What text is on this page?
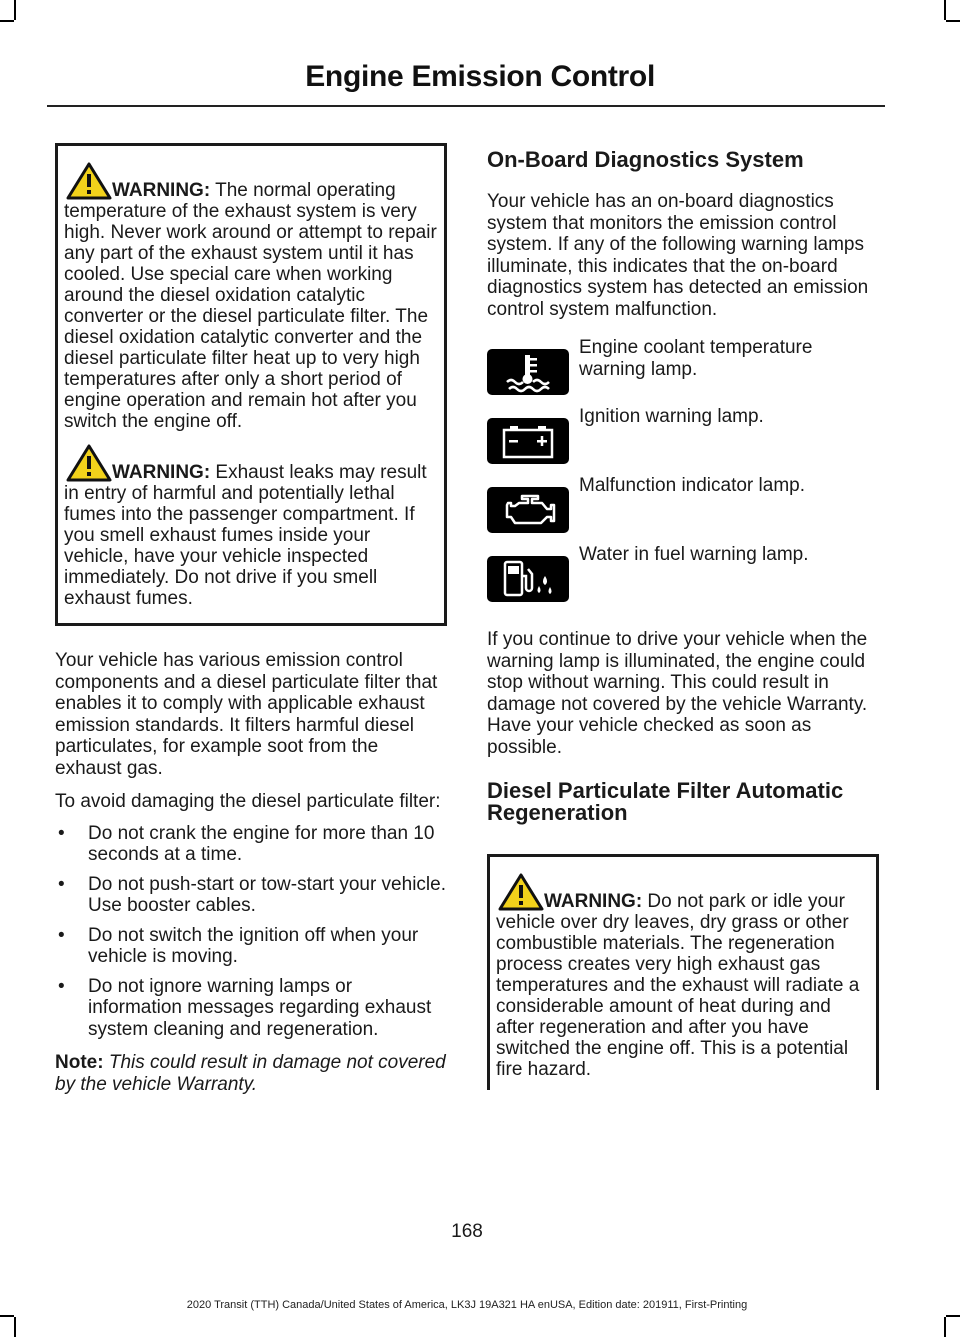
Engine Emission Control
WARNING: The normal operating temperature of the exhaust system is very high. Never work around or attempt to repair any part of the exhaust system until it has cooled. Use special care when working around the diesel oxidation catalytic converter or the diesel particulate filter. The diesel oxidation catalytic converter and the diesel particulate filter heat up to very high temperatures after only a short period of engine operation and remain hot after you switch the engine off.
WARNING: Exhaust leaks may result in entry of harmful and potentially lethal fumes into the passenger compartment. If you smell exhaust fumes inside your vehicle, have your vehicle inspected immediately. Do not drive if you smell exhaust fumes.

Your vehicle has various emission control components and a diesel particulate filter that enables it to comply with applicable exhaust emission standards. It filters harmful diesel particulates, for example soot from the exhaust gas.

To avoid damaging the diesel particulate filter:

• Do not crank the engine for more than 10 seconds at a time.
• Do not push-start or tow-start your vehicle. Use booster cables.
• Do not switch the ignition off when your vehicle is moving.
• Do not ignore warning lamps or information messages regarding exhaust system cleaning and regeneration.

Note: This could result in damage not covered by the vehicle Warranty.

On-Board Diagnostics System

Your vehicle has an on-board diagnostics system that monitors the emission control system. If any of the following warning lamps illuminate, this indicates that the on-board diagnostics system has detected an emission control system malfunction.

Engine coolant temperature warning lamp.
Ignition warning lamp.
Malfunction indicator lamp.
Water in fuel warning lamp.

If you continue to drive your vehicle when the warning lamp is illuminated, the engine could stop without warning. This could result in damage not covered by the vehicle Warranty. Have your vehicle checked as soon as possible.

Diesel Particulate Filter Automatic Regeneration
WARNING: Do not park or idle your vehicle over dry leaves, dry grass or other combustible materials. The regeneration process creates very high exhaust gas temperatures and the exhaust will radiate a considerable amount of heat during and after regeneration and after you have switched the engine off. This is a potential fire hazard.
168
2020 Transit (TTH) Canada/United States of America, LK3J 19A321 HA enUSA, Edition date: 201911, First-Printing
